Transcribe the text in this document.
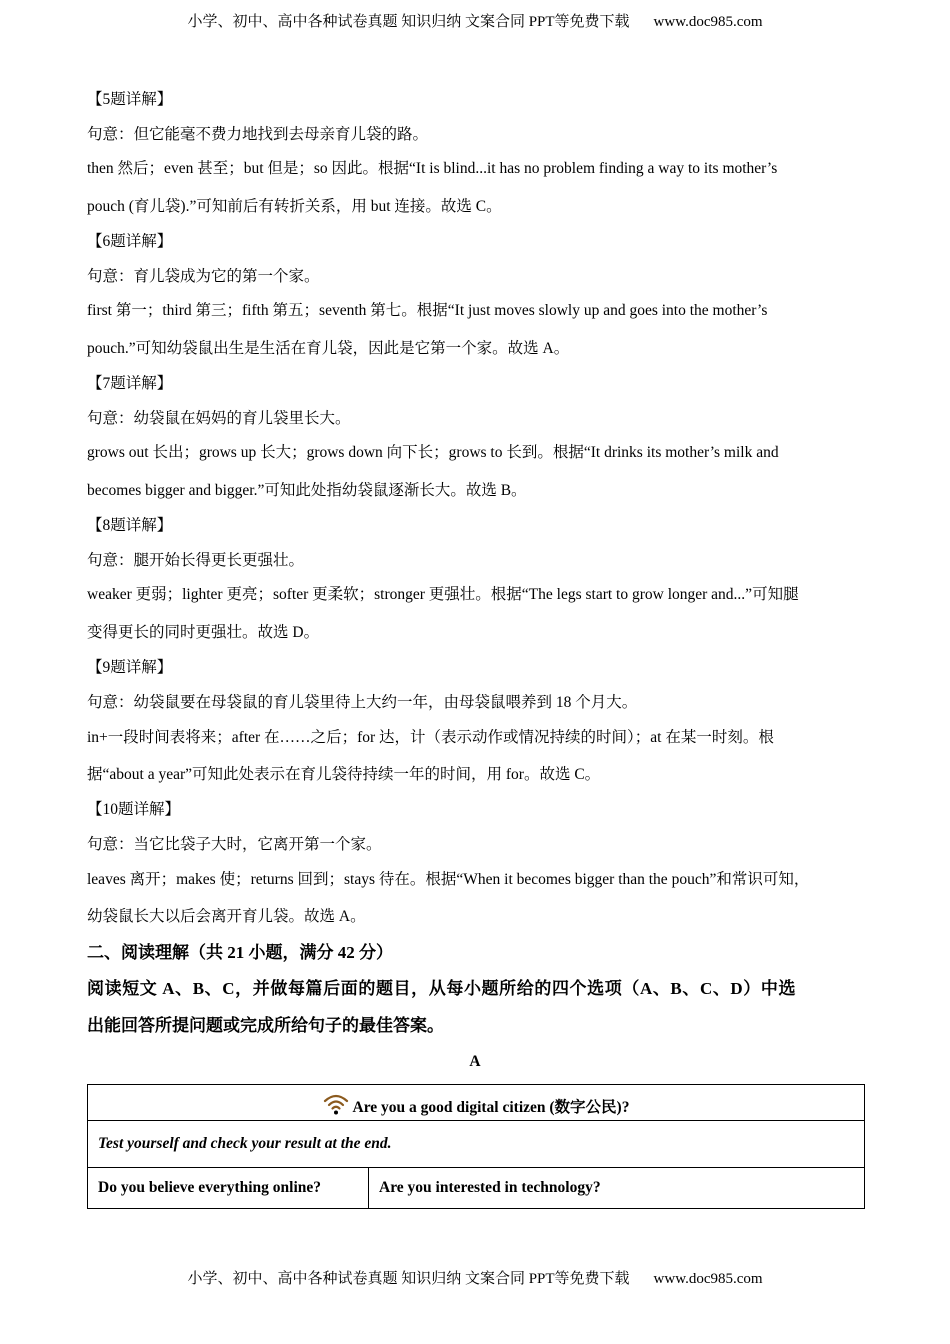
小学、初中、高中各种试卷真题 知识归纳 文案合同 PPT等免费下载 www.doc985.com
【5题详解】
句意：但它能毫不费力地找到去母亲育儿袋的路。
then 然后；even 甚至；but 但是；so 因此。根据“It is blind...it has no problem finding a way to its mother’s
pouch (育儿袋).”可知前后有转折关系，用 but 连接。故选 C。
【6题详解】
句意：育儿袋成为它的第一个家。
first 第一；third 第三；fifth 第五；seventh 第七。根据“It just moves slowly up and goes into the mother’s
pouch.”可知幼袋鼠出生是生活在育儿袋，因此是它第一个家。故选 A。
【7题详解】
句意：幼袋鼠在妈妈的育儿袋里长大。
grows out 长出；grows up 长大；grows down 向下长；grows to 长到。根据“It drinks its mother’s milk and
becomes bigger and bigger.”可知此处指幼袋鼠逐渐长大。故选 B。
【8题详解】
句意：腿开始长得更长更强壮。
weaker 更弱；lighter 更亮；softer 更柔软；stronger 更强壮。根据“The legs start to grow longer and...”可知腿
变得更长的同时更强壮。故选 D。
【9题详解】
句意：幼袋鼠要在母袋鼠的育儿袋里待上大约一年，由母袋鼠喂养到 18 个月大。
in+一段时间表将来；after 在……之后；for 达，计（表示动作或情况持续的时间）；at 在某一时刻。根
据“about a year”可知此处表示在育儿袋待持续一年的时间，用 for。故选 C。
【10题详解】
句意：当它比袋子大时，它离开第一个家。
leaves 离开；makes 使；returns 回到；stays 待在。根据“When it becomes bigger than the pouch”和常识可知，
幼袋鼠长大以后会离开育儿袋。故选 A。
二、阅读理解（共 21 小题，满分 42 分）
阅读短文 A、B、C，并做每篇后面的题目，从每小题所给的四个选项（A、B、C、D）中选
出能回答所提问题或完成所给句子的最佳答案。
A
Are you a good digital citizen (数字公民)?
Test yourself and check your result at the end.
Do you believe everything online?	Are you interested in technology?
小学、初中、高中各种试卷真题 知识归纳 文案合同 PPT等免费下载 www.doc985.com
